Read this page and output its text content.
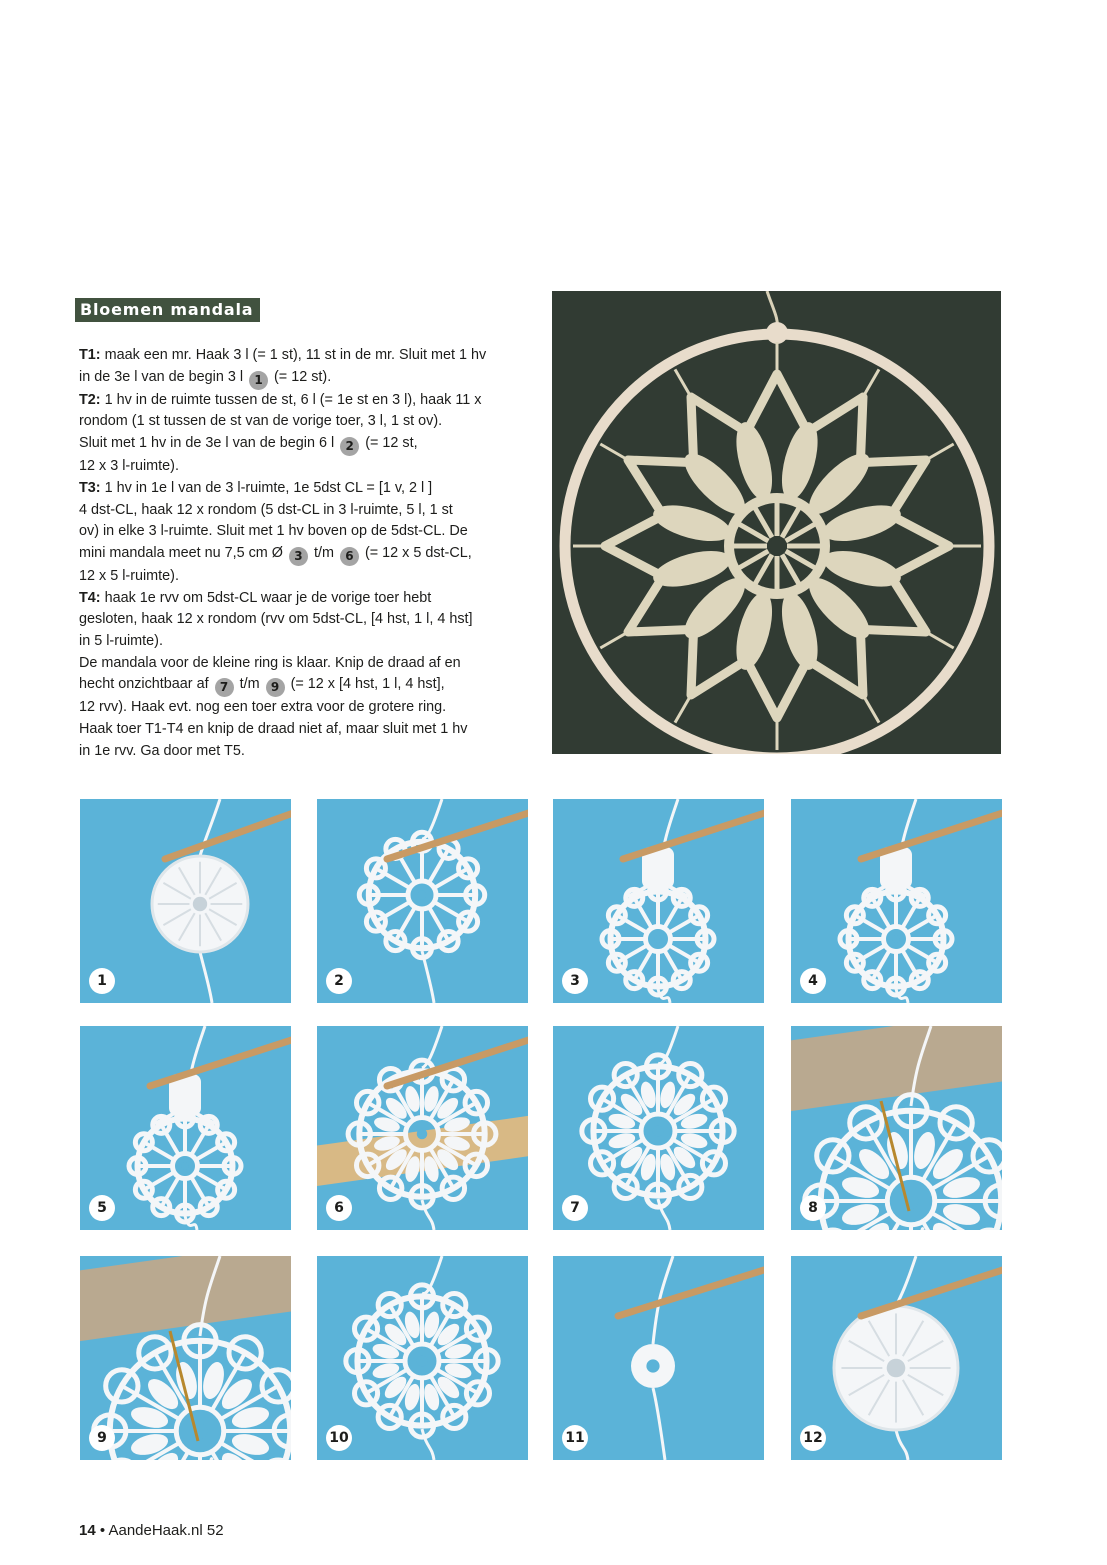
Bloemen mandala
T1: maak een mr. Haak 3 l (= 1 st), 11 st in de mr. Sluit met 1 hv
in de 3e l van de begin 3 l 1 (= 12 st).
T2: 1 hv in de ruimte tussen de st, 6 l (= 1e st en 3 l), haak 11 x
rondom (1 st tussen de st van de vorige toer, 3 l, 1 st ov).
Sluit met 1 hv in de 3e l van de begin 6 l 2 (= 12 st,
12 x 3 l-ruimte).
T3: 1 hv in 1e l van de 3 l-ruimte, 1e 5dst CL = [1 v, 2 l ]
4 dst-CL, haak 12 x rondom (5 dst-CL in 3 l-ruimte, 5 l, 1 st
ov) in elke 3 l-ruimte. Sluit met 1 hv boven op de 5dst-CL. De
mini mandala meet nu 7,5 cm Ø 3 t/m 6 (= 12 x 5 dst-CL,
12 x 5 l-ruimte).
T4: haak 1e rvv om 5dst-CL waar je de vorige toer hebt
gesloten, haak 12 x rondom (rvv om 5dst-CL, [4 hst, 1 l, 4 hst]
in 5 l-ruimte).
De mandala voor de kleine ring is klaar. Knip de draad af en
hecht onzichtbaar af 7 t/m 9 (= 12 x [4 hst, 1 l, 4 hst],
12 rvv). Haak evt. nog een toer extra voor de grotere ring.
Haak toer T1-T4 en knip de draad niet af, maar sluit met 1 hv
in 1e rvv. Ga door met T5.
1	2	3	4
5	6	7	8
9	10	11	12
14 • AandeHaak.nl 52
